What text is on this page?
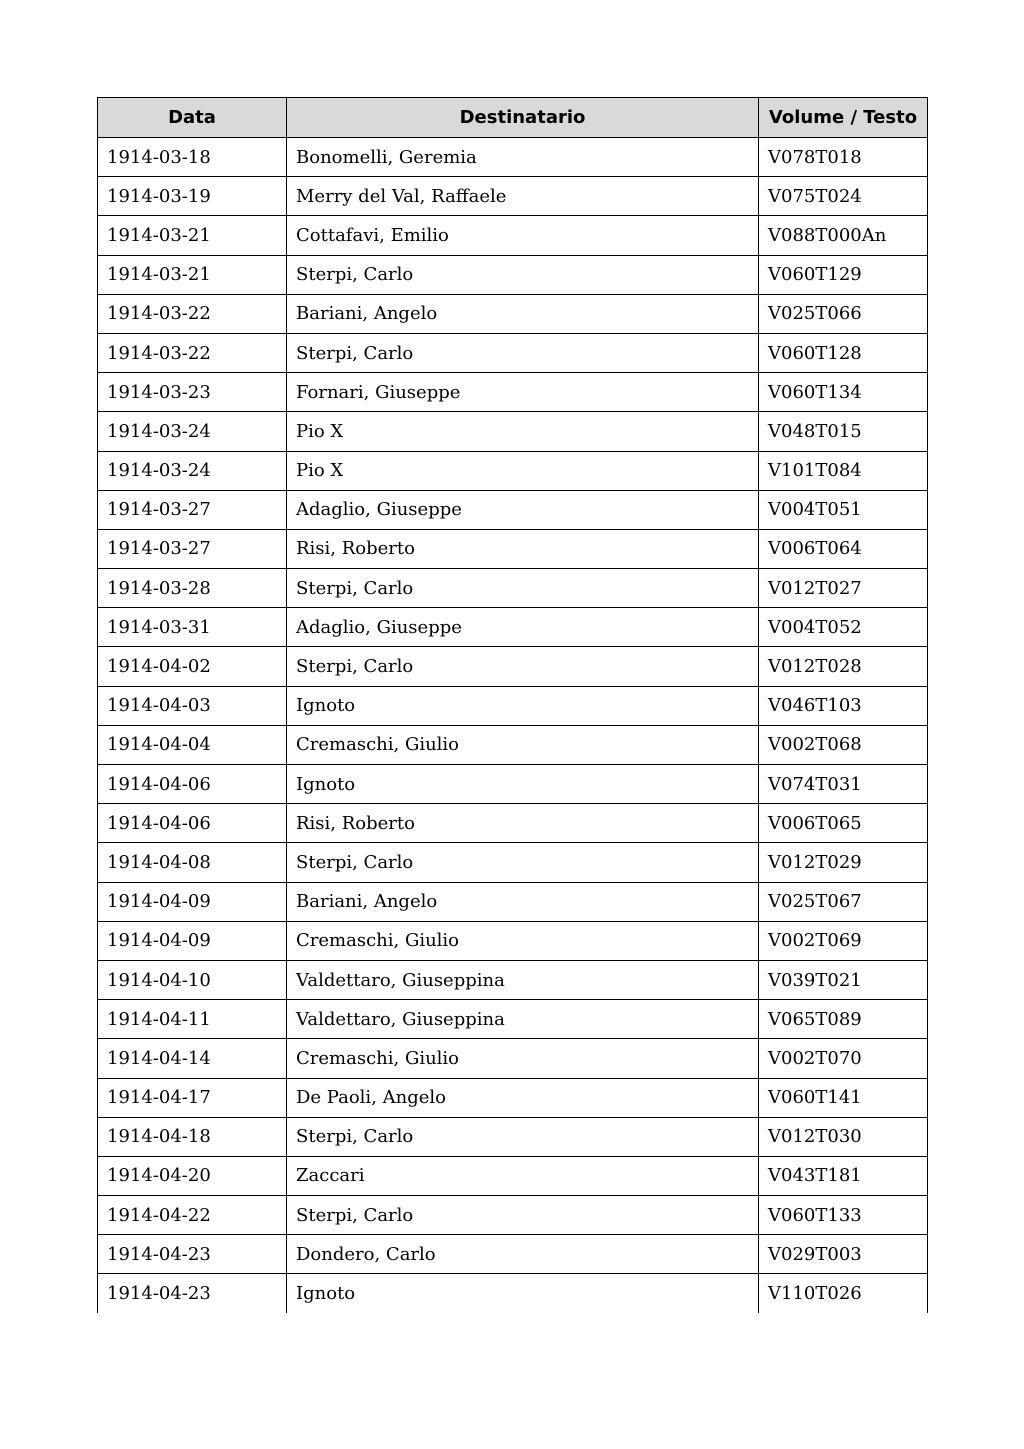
Data	Destinatario	Volume / Testo
1914-03-18	Bonomelli, Geremia	V078T018
1914-03-19	Merry del Val, Raffaele	V075T024
1914-03-21	Cottafavi, Emilio	V088T000An
1914-03-21	Sterpi, Carlo	V060T129
1914-03-22	Bariani, Angelo	V025T066
1914-03-22	Sterpi, Carlo	V060T128
1914-03-23	Fornari, Giuseppe	V060T134
1914-03-24	Pio X	V048T015
1914-03-24	Pio X	V101T084
1914-03-27	Adaglio, Giuseppe	V004T051
1914-03-27	Risi, Roberto	V006T064
1914-03-28	Sterpi, Carlo	V012T027
1914-03-31	Adaglio, Giuseppe	V004T052
1914-04-02	Sterpi, Carlo	V012T028
1914-04-03	Ignoto	V046T103
1914-04-04	Cremaschi, Giulio	V002T068
1914-04-06	Ignoto	V074T031
1914-04-06	Risi, Roberto	V006T065
1914-04-08	Sterpi, Carlo	V012T029
1914-04-09	Bariani, Angelo	V025T067
1914-04-09	Cremaschi, Giulio	V002T069
1914-04-10	Valdettaro, Giuseppina	V039T021
1914-04-11	Valdettaro, Giuseppina	V065T089
1914-04-14	Cremaschi, Giulio	V002T070
1914-04-17	De Paoli, Angelo	V060T141
1914-04-18	Sterpi, Carlo	V012T030
1914-04-20	Zaccari	V043T181
1914-04-22	Sterpi, Carlo	V060T133
1914-04-23	Dondero, Carlo	V029T003
1914-04-23	Ignoto	V110T026
